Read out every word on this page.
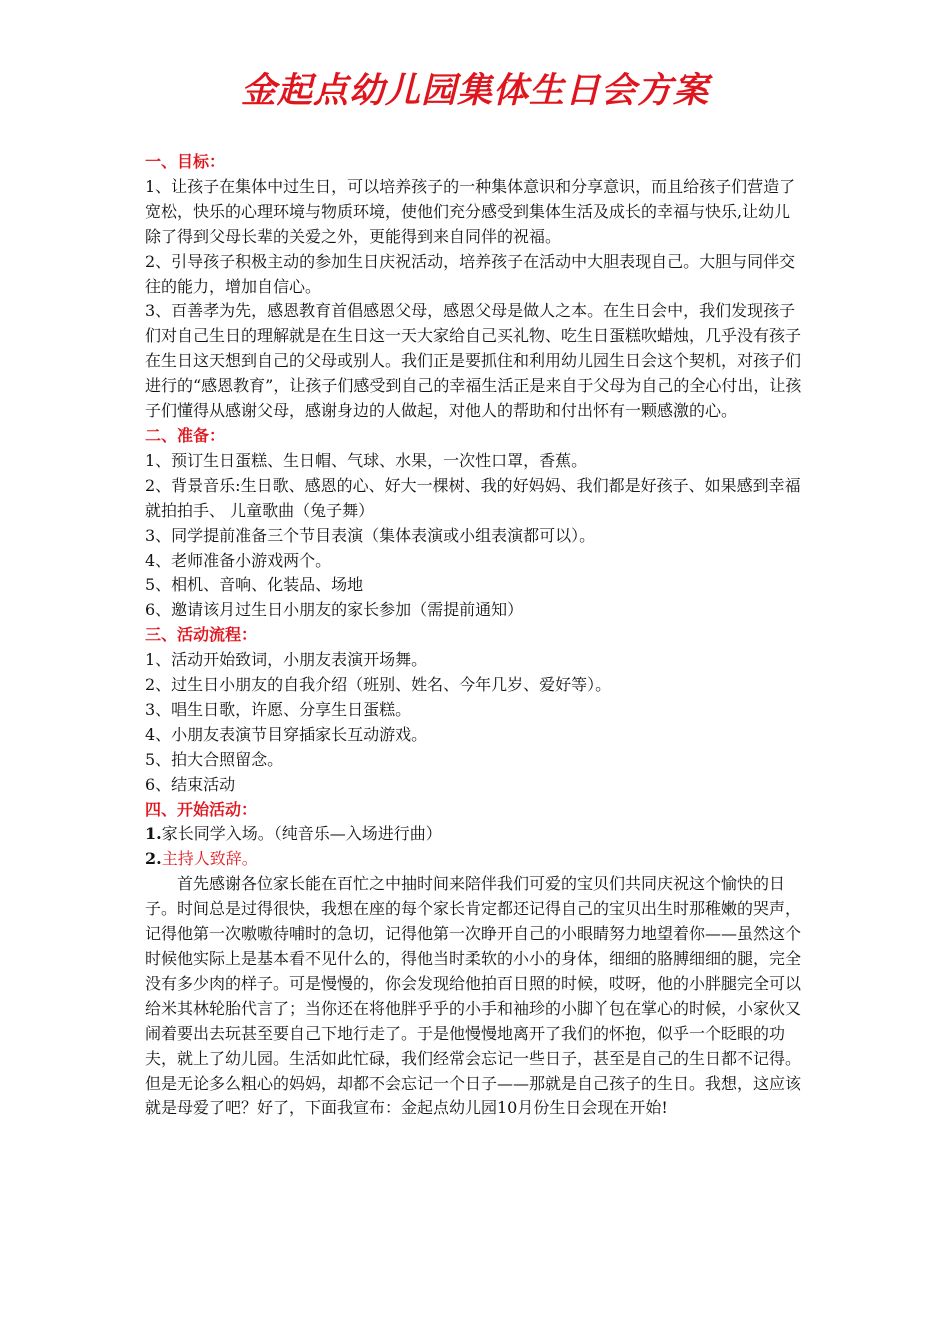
金起点幼儿园集体生日会方案

一、目标：

1、让孩子在集体中过生日，可以培养孩子的一种集体意识和分享意识，而且给孩子们营造了宽松，快乐的心理环境与物质环境，使他们充分感受到集体生活及成长的幸福与快乐,让幼儿除了得到父母长辈的关爱之外，更能得到来自同伴的祝福。

2、引导孩子积极主动的参加生日庆祝活动，培养孩子在活动中大胆表现自己。大胆与同伴交往的能力，增加自信心。

3、百善孝为先，感恩教育首倡感恩父母，感恩父母是做人之本。在生日会中，我们发现孩子们对自己生日的理解就是在生日这一天大家给自己买礼物、吃生日蛋糕吹蜡烛，几乎没有孩子在生日这天想到自己的父母或别人。我们正是要抓住和利用幼儿园生日会这个契机，对孩子们进行的“感恩教育”，让孩子们感受到自己的幸福生活正是来自于父母为自己的全心付出，让孩子们懂得从感谢父母，感谢身边的人做起，对他人的帮助和付出怀有一颗感激的心。

二、准备：

1、预订生日蛋糕、生日帽、气球、水果，一次性口罩，香蕉。

2、背景音乐:生日歌、感恩的心、好大一棵树、我的好妈妈、我们都是好孩子、如果感到幸福就拍拍手、 儿童歌曲（兔子舞）

3、同学提前准备三个节目表演（集体表演或小组表演都可以）。

4、老师准备小游戏两个。

5、相机、音响、化装品、场地

6、邀请该月过生日小朋友的家长参加（需提前通知）

三、活动流程：

1、活动开始致词，小朋友表演开场舞。

2、过生日小朋友的自我介绍（班别、姓名、今年几岁、爱好等）。

3、唱生日歌，许愿、分享生日蛋糕。

4、小朋友表演节目穿插家长互动游戏。

5、拍大合照留念。

6、结束活动

四、开始活动：

1.家长同学入场。（纯音乐—入场进行曲）

2.主持人致辞。

首先感谢各位家长能在百忙之中抽时间来陪伴我们可爱的宝贝们共同庆祝这个愉快的日子。时间总是过得很快，我想在座的每个家长肯定都还记得自己的宝贝出生时那稚嫩的哭声，记得他第一次嗷嗷待哺时的急切，记得他第一次睁开自己的小眼睛努力地望着你——虽然这个时候他实际上是基本看不见什么的，得他当时柔软的小小的身体，细细的胳膊细细的腿，完全没有多少肉的样子。可是慢慢的，你会发现给他拍百日照的时候，哎呀，他的小胖腿完全可以给米其林轮胎代言了；当你还在将他胖乎乎的小手和袖珍的小脚丫包在掌心的时候，小家伙又闹着要出去玩甚至要自己下地行走了。于是他慢慢地离开了我们的怀抱，似乎一个眨眼的功夫，就上了幼儿园。生活如此忙碌，我们经常会忘记一些日子，甚至是自己的生日都不记得。但是无论多么粗心的妈妈，却都不会忘记一个日子——那就是自己孩子的生日。我想，这应该就是母爱了吧？好了，下面我宣布：金起点幼儿园10月份生日会现在开始!
